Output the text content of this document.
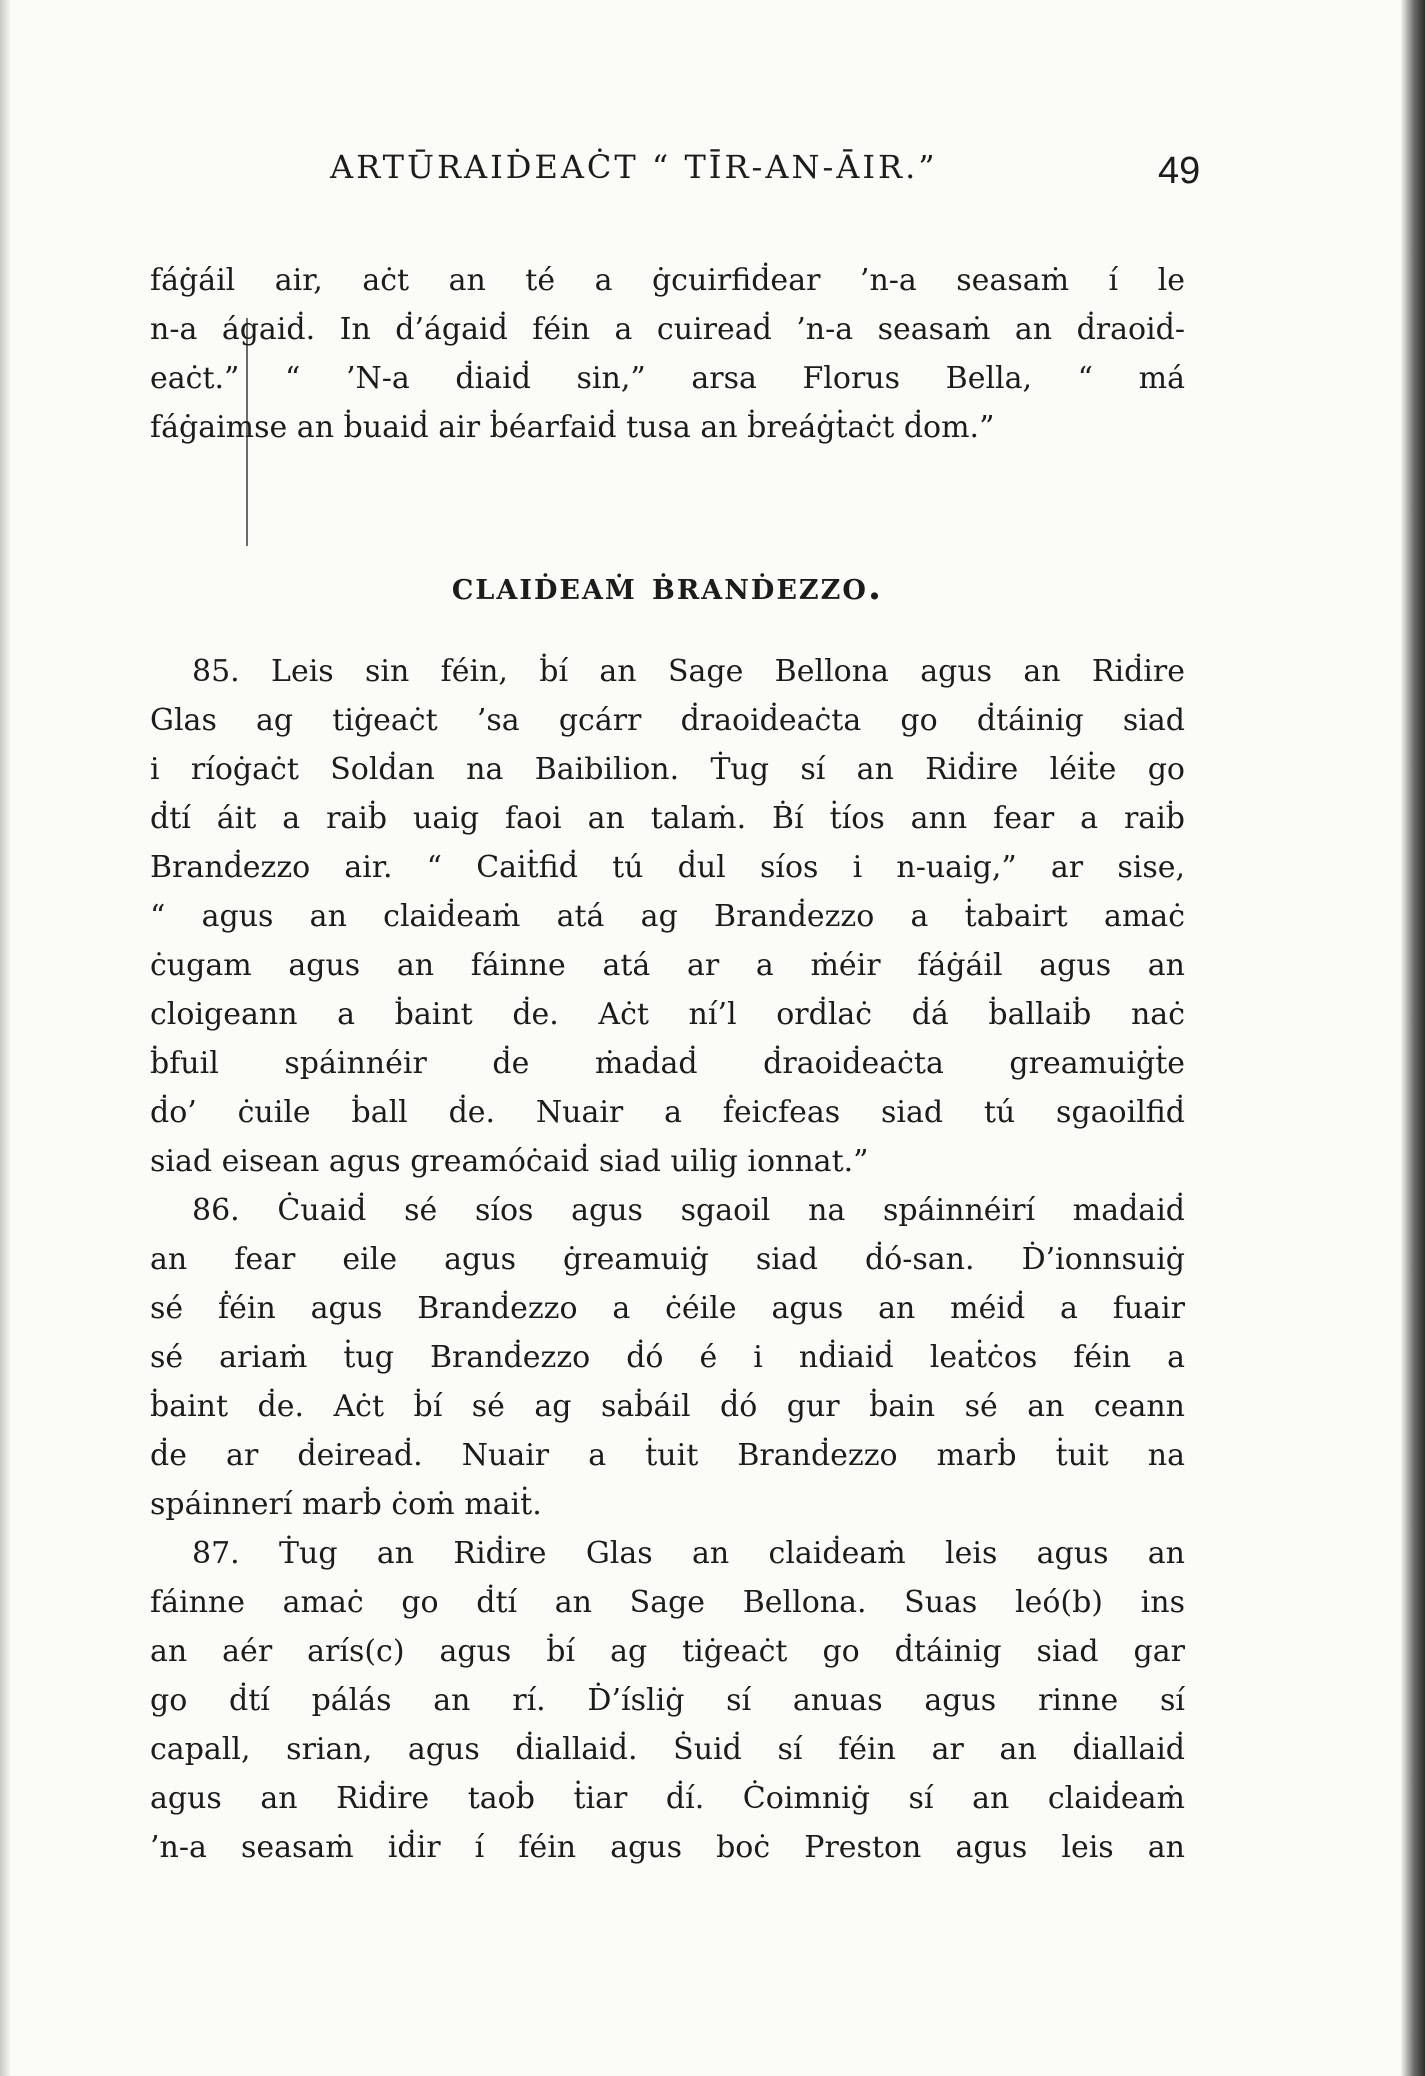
ARTŪRAIḊEAĊT “ TĪR-AN-ĀIR.”	49
fáġáil air, aċt an té a ġcuirfiḋear ’n-a seasaṁ í le
n-a ágaiḋ. In ḋ’ágaiḋ féin a cuireaḋ ’n-a seasaṁ an ḋraoiḋ-
eaċt.” “ ’N-a ḋiaiḋ sin,” arsa Florus Bella, “ má
fáġaimse an ḃuaiḋ air ḃéarfaiḋ tusa an ḃreáġṫaċt ḋom.”
claiḋeaṁ ḃranḋezzo.
85. Leis sin féin, ḃí an Sage Bellona agus an Riḋire
Glas ag tiġeaċt ’sa gcárr ḋraoiḋeaċta go ḋtáinig siad
i ríoġaċt Solḋan na Baibilion. Ṫug sí an Riḋire léiṫe go
ḋtí áit a raiḃ uaig faoi an talaṁ. Ḃí ṫíos ann fear a raiḃ
Branḋezzo air. “ Caiṫfiḋ tú ḋul síos i n-uaig,” ar sise,
“ agus an claiḋeaṁ atá ag Branḋezzo a ṫabairt amaċ
ċugam agus an fáinne atá ar a ṁéir fáġáil agus an
cloigeann a ḃaint ḋe. Aċt ní’l orḋlaċ ḋá ḃallaiḃ naċ
ḃfuil spáinnéir ḋe ṁaḋaḋ ḋraoiḋeaċta greamuiġṫe
ḋo’ ċuile ḃall ḋe. Nuair a ḟeicfeas siad tú sgaoilfiḋ
siad eisean agus greamóċaiḋ siad uilig ionnat.”
86. Ċuaiḋ sé síos agus sgaoil na spáinnéirí maḋaiḋ
an fear eile agus ġreamuiġ siad ḋó-san. Ḋ’ionnsuiġ
sé ḟéin agus Branḋezzo a ċéile agus an méiḋ a fuair
sé ariaṁ ṫug Branḋezzo ḋó é i nḋiaiḋ leaṫċos féin a
ḃaint ḋe. Aċt ḃí sé ag saḃáil ḋó gur ḃain sé an ceann
ḋe ar ḋeireaḋ. Nuair a ṫuit Branḋezzo marḃ ṫuit na
spáinnerí marḃ ċoṁ maiṫ.
87. Ṫug an Riḋire Glas an claiḋeaṁ leis agus an
fáinne amaċ go ḋtí an Sage Bellona. Suas leó(b) ins
an aér arís(c) agus ḃí ag tiġeaċt go ḋtáinig siad gar
go ḋtí pálás an rí. Ḋ’ísliġ sí anuas agus rinne sí
capall, srian, agus ḋiallaiḋ. Ṡuiḋ sí féin ar an ḋiallaiḋ
agus an Riḋire taoḃ ṫiar ḋí. Ċoimniġ sí an claiḋeaṁ
’n-a seasaṁ iḋir í féin agus boċ Preston agus leis an
